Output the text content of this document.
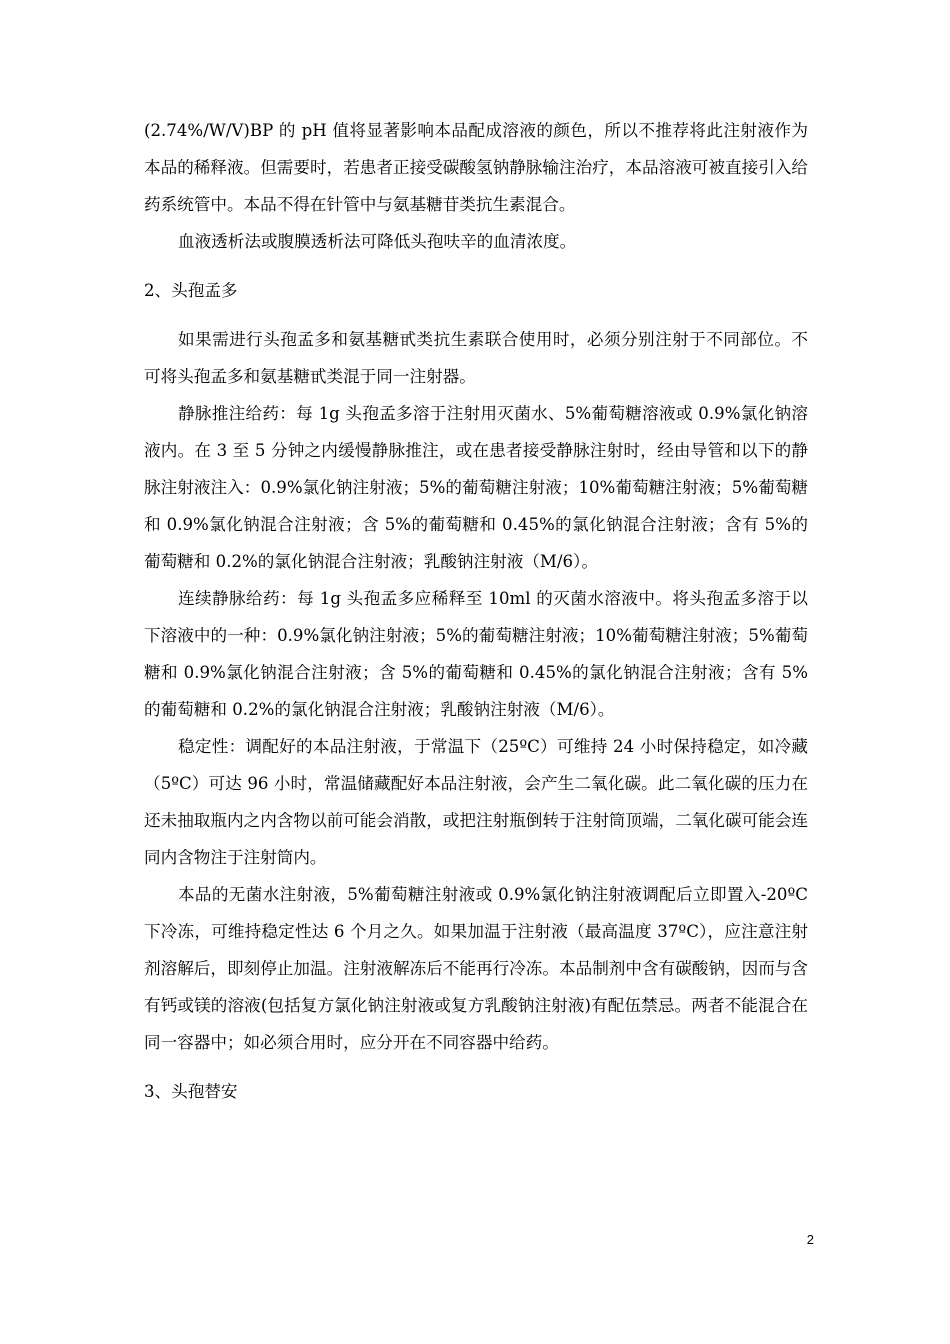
(2.74%/W/V)BP 的 pH 值将显著影响本品配成溶液的颜色，所以不推荐将此注射液作为本品的稀释液。但需要时，若患者正接受碳酸氢钠静脉输注治疗，本品溶液可被直接引入给药系统管中。本品不得在针管中与氨基糖苷类抗生素混合。

血液透析法或腹膜透析法可降低头孢呋辛的血清浓度。

2、头孢孟多

如果需进行头孢孟多和氨基糖甙类抗生素联合使用时，必须分别注射于不同部位。不可将头孢孟多和氨基糖甙类混于同一注射器。

静脉推注给药：每 1g 头孢孟多溶于注射用灭菌水、5%葡萄糖溶液或 0.9%氯化钠溶液内。在 3 至 5 分钟之内缓慢静脉推注，或在患者接受静脉注射时，经由导管和以下的静脉注射液注入：0.9%氯化钠注射液；5%的葡萄糖注射液；10%葡萄糖注射液；5%葡萄糖和 0.9%氯化钠混合注射液；含 5%的葡萄糖和 0.45%的氯化钠混合注射液；含有 5%的葡萄糖和 0.2%的氯化钠混合注射液；乳酸钠注射液（M/6）。

连续静脉给药：每 1g 头孢孟多应稀释至 10ml 的灭菌水溶液中。将头孢孟多溶于以下溶液中的一种：0.9%氯化钠注射液；5%的葡萄糖注射液；10%葡萄糖注射液；5%葡萄糖和 0.9%氯化钠混合注射液；含 5%的葡萄糖和 0.45%的氯化钠混合注射液；含有 5%的葡萄糖和 0.2%的氯化钠混合注射液；乳酸钠注射液（M/6）。

稳定性：调配好的本品注射液，于常温下（25ºC）可维持 24 小时保持稳定，如冷藏（5ºC）可达 96 小时，常温储藏配好本品注射液，会产生二氧化碳。此二氧化碳的压力在还未抽取瓶内之内含物以前可能会消散，或把注射瓶倒转于注射筒顶端，二氧化碳可能会连同内含物注于注射筒内。

本品的无菌水注射液，5%葡萄糖注射液或 0.9%氯化钠注射液调配后立即置入-20ºC 下冷冻，可维持稳定性达 6 个月之久。如果加温于注射液（最高温度 37ºC），应注意注射剂溶解后，即刻停止加温。注射液解冻后不能再行冷冻。本品制剂中含有碳酸钠，因而与含有钙或镁的溶液(包括复方氯化钠注射液或复方乳酸钠注射液)有配伍禁忌。两者不能混合在同一容器中；如必须合用时，应分开在不同容器中给药。

3、头孢替安

2
